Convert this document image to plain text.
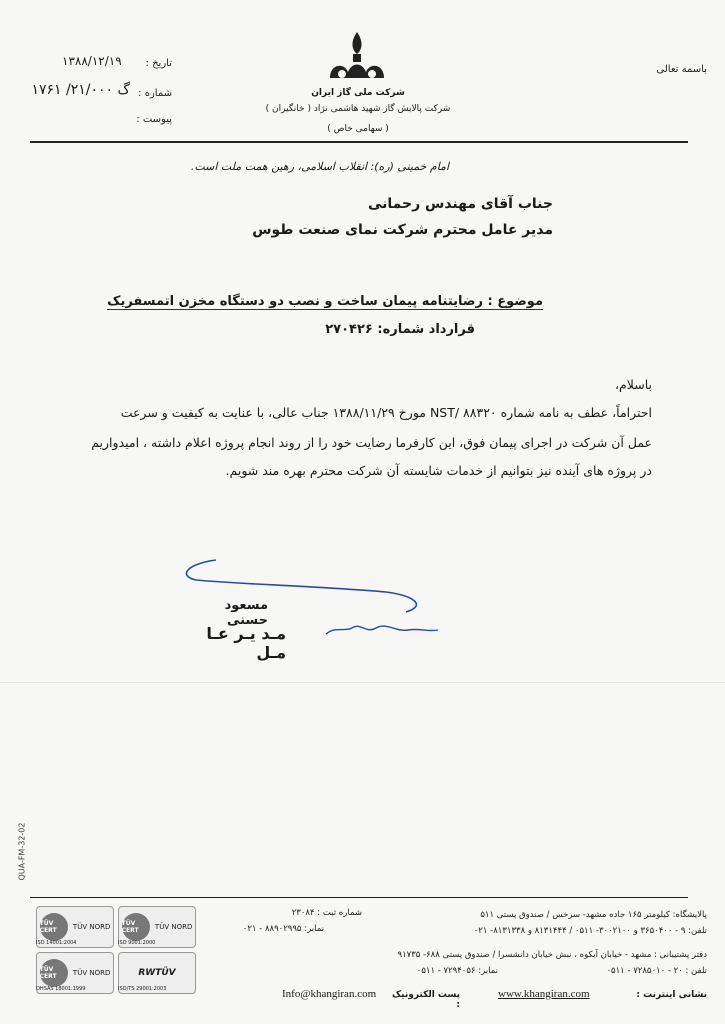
باسمه تعالی
شرکت ملی گاز ایران
شرکت پالایش گاز شهید هاشمی نژاد ( خانگیران )
( سهامی خاص )
تاریخ :
۱۳۸۸/۱۲/۱۹
شماره :
گ ۲۱/۰۰۰/ ۱۷۶۱
پیوست :
امام خمینی (ره): انقلاب اسلامی، رهین همت ملت است.
جناب آقای مهندس رحمانی
مدیر عامل محترم شرکت نمای صنعت طوس
موضوع : رضایتنامه پیمان ساخت و نصب دو دستگاه مخزن اتمسفریک
قرارداد شماره: ۲۷۰۴۲۶
باسلام،
احتراماً، عطف به نامه شماره NST/ ۸۸۳۲۰ مورخ ۱۳۸۸/۱۱/۲۹ جناب عالی، با عنایت به کیفیت و سرعت
عمل آن شرکت در اجرای پیمان فوق، این کارفرما رضایت خود را از روند انجام پروژه اعلام داشته ، امیدواریم
در پروژه های آینده نیز بتوانیم از خدمات شایسته آن شرکت محترم بهره مند شویم.
مسعود حسنی
مـد یـر عـا مـل
QUA-FM-32-02
TÜV CERT	TÜV NORD
ISO 14001:2004
TÜV CERT	TÜV NORD
ISO 9001:2000
TÜV CERT	TÜV NORD
OHSAS 18001:1999
RWTÜV
ISO/TS 29001:2003
پالایشگاه: کیلومتر ۱۶۵ جاده مشهد- سرخس / صندوق پستی ۵۱۱
شماره ثبت : ۲۳۰۸۴
تلفن: ۹ - ۳۶۵۰۴۰۰ و ۳۰۰۲۱۰۰- ۰۵۱۱ / ۸۱۳۱۴۴۴ و ۸۱۳۱۳۳۸- ۰۲۱
نمابر: ۸۸۹۰۲۹۹۵ - ۰۲۱
دفتر پشتیبانی : مشهد - خیابان آبکوه ، نبش خیابان دانشسرا / صندوق پستی ۶۸۸- ۹۱۷۳۵
تلفن : ۲۰ - ۷۲۸۵۰۱۰ - ۰۵۱۱
نمابر: ۷۲۹۴۰۵۶ - ۰۵۱۱
نشانی اینترنت :
www.khangiran.com
پست الکترونیک :
Info@khangiran.com
